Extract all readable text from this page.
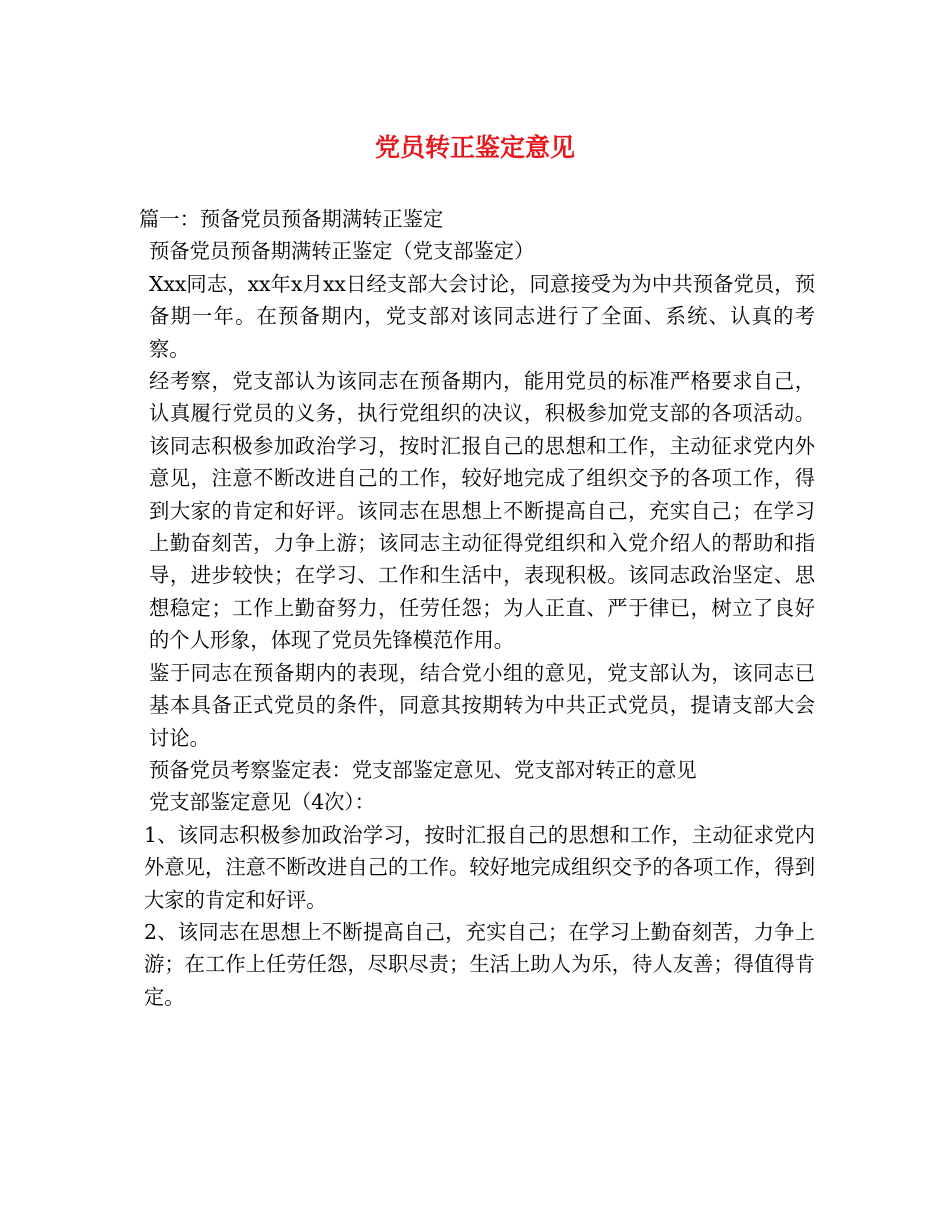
党员转正鉴定意见

篇一：预备党员预备期满转正鉴定

预备党员预备期满转正鉴定（党支部鉴定）

Xxx同志，xx年x月xx日经支部大会讨论，同意接受为为中共预备党员，预备期一年。在预备期内，党支部对该同志进行了全面、系统、认真的考察。

经考察，党支部认为该同志在预备期内，能用党员的标准严格要求自己，认真履行党员的义务，执行党组织的决议，积极参加党支部的各项活动。该同志积极参加政治学习，按时汇报自己的思想和工作，主动征求党内外意见，注意不断改进自己的工作，较好地完成了组织交予的各项工作，得到大家的肯定和好评。该同志在思想上不断提高自己，充实自己；在学习上勤奋刻苦，力争上游；该同志主动征得党组织和入党介绍人的帮助和指导，进步较快；在学习、工作和生活中，表现积极。该同志政治坚定、思想稳定；工作上勤奋努力，任劳任怨；为人正直、严于律已，树立了良好的个人形象，体现了党员先锋模范作用。

鉴于同志在预备期内的表现，结合党小组的意见，党支部认为，该同志已基本具备正式党员的条件，同意其按期转为中共正式党员，提请支部大会讨论。

预备党员考察鉴定表：党支部鉴定意见、党支部对转正的意见

党支部鉴定意见（4次）：

1、该同志积极参加政治学习，按时汇报自己的思想和工作，主动征求党内外意见，注意不断改进自己的工作。较好地完成组织交予的各项工作，得到大家的肯定和好评。

2、该同志在思想上不断提高自己，充实自己；在学习上勤奋刻苦，力争上游；在工作上任劳任怨，尽职尽责；生活上助人为乐，待人友善；得值得肯定。
